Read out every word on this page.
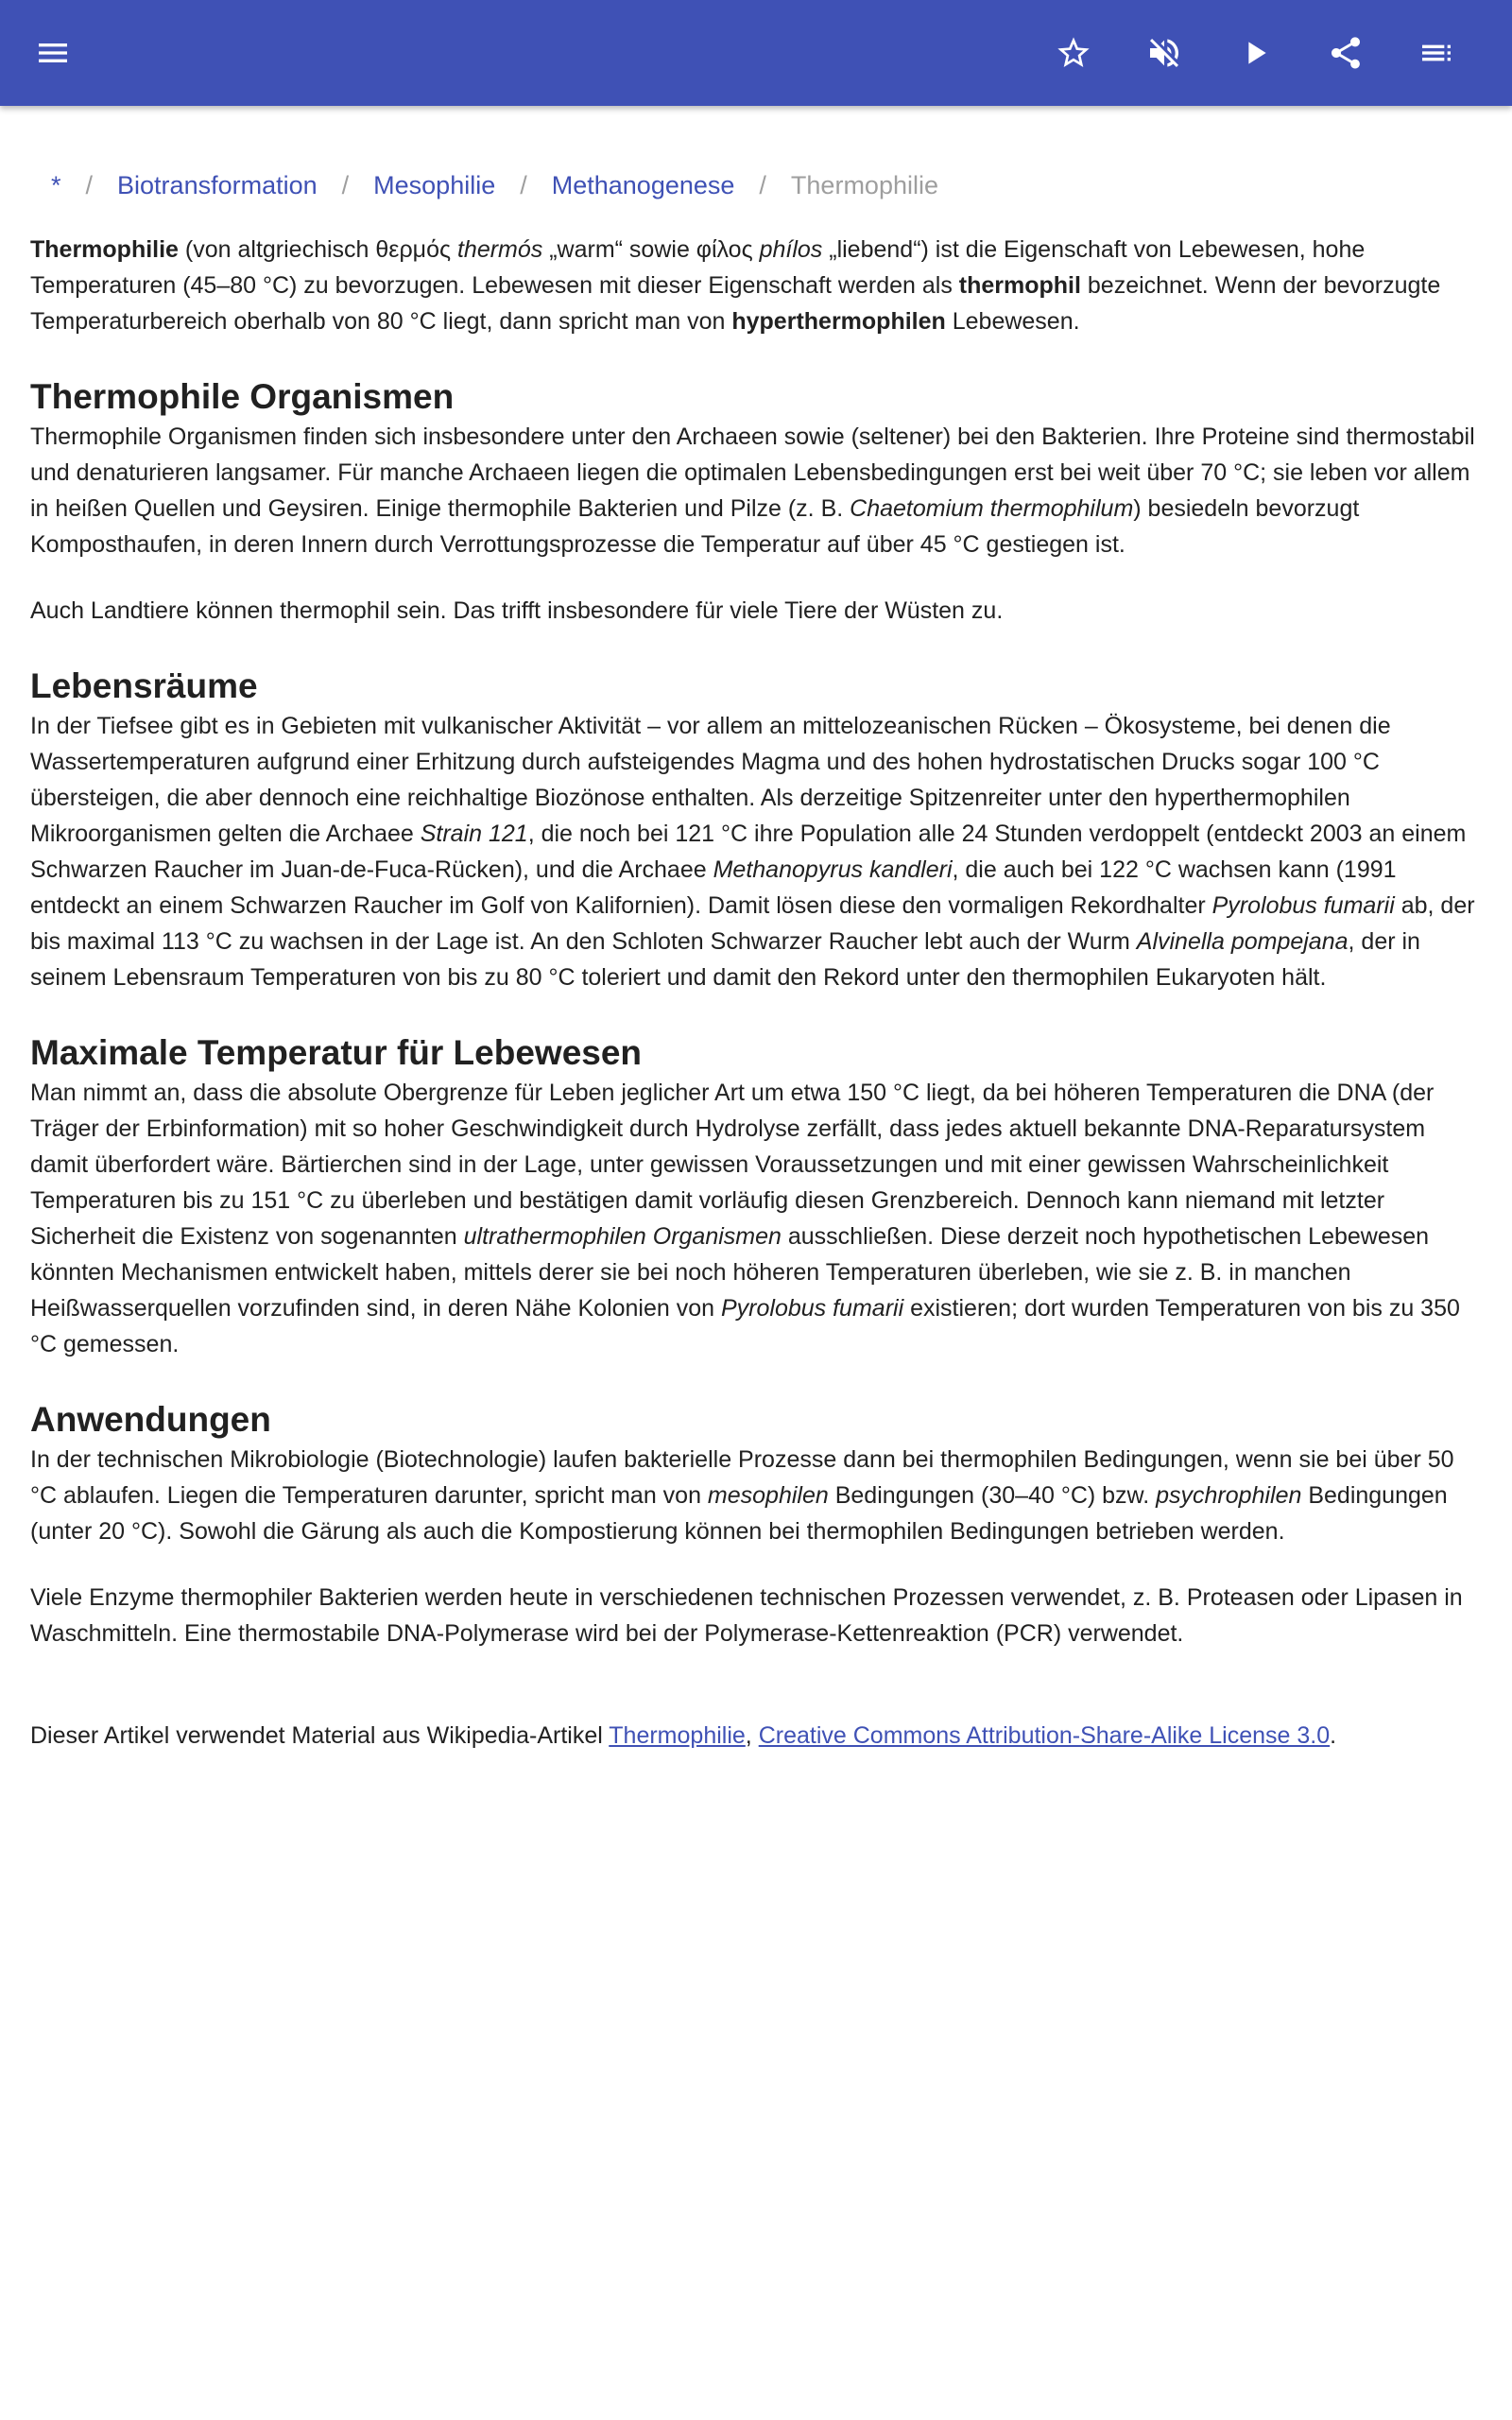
* / Biotransformation / Mesophilie / Methanogenese / Thermophilie

Thermophilie (von altgriechisch θερμός thermós „warm“ sowie φίλος phílos „liebend“) ist die Eigenschaft von Lebewesen, hohe Temperaturen (45–80 °C) zu bevorzugen. Lebewesen mit dieser Eigenschaft werden als thermophil bezeichnet. Wenn der bevorzugte Temperaturbereich oberhalb von 80 °C liegt, dann spricht man von hyperthermophilen Lebewesen.

Thermophile Organismen

Thermophile Organismen finden sich insbesondere unter den Archaeen sowie (seltener) bei den Bakterien. Ihre Proteine sind thermostabil und denaturieren langsamer. Für manche Archaeen liegen die optimalen Lebensbedingungen erst bei weit über 70 °C; sie leben vor allem in heißen Quellen und Geysiren. Einige thermophile Bakterien und Pilze (z. B. Chaetomium thermophilum) besiedeln bevorzugt Komposthaufen, in deren Innern durch Verrottungsprozesse die Temperatur auf über 45 °C gestiegen ist.

Auch Landtiere können thermophil sein. Das trifft insbesondere für viele Tiere der Wüsten zu.

Lebensräume

In der Tiefsee gibt es in Gebieten mit vulkanischer Aktivität – vor allem an mittelozeanischen Rücken – Ökosysteme, bei denen die Wassertemperaturen aufgrund einer Erhitzung durch aufsteigendes Magma und des hohen hydrostatischen Drucks sogar 100 °C übersteigen, die aber dennoch eine reichhaltige Biozönose enthalten. Als derzeitige Spitzenreiter unter den hyperthermophilen Mikroorganismen gelten die Archaee Strain 121, die noch bei 121 °C ihre Population alle 24 Stunden verdoppelt (entdeckt 2003 an einem Schwarzen Raucher im Juan-de-Fuca-Rücken), und die Archaee Methanopyrus kandleri, die auch bei 122 °C wachsen kann (1991 entdeckt an einem Schwarzen Raucher im Golf von Kalifornien). Damit lösen diese den vormaligen Rekordhalter Pyrolobus fumarii ab, der bis maximal 113 °C zu wachsen in der Lage ist. An den Schloten Schwarzer Raucher lebt auch der Wurm Alvinella pompejana, der in seinem Lebensraum Temperaturen von bis zu 80 °C toleriert und damit den Rekord unter den thermophilen Eukaryoten hält.

Maximale Temperatur für Lebewesen

Man nimmt an, dass die absolute Obergrenze für Leben jeglicher Art um etwa 150 °C liegt, da bei höheren Temperaturen die DNA (der Träger der Erbinformation) mit so hoher Geschwindigkeit durch Hydrolyse zerfällt, dass jedes aktuell bekannte DNA-Reparatursystem damit überfordert wäre. Bärtierchen sind in der Lage, unter gewissen Voraussetzungen und mit einer gewissen Wahrscheinlichkeit Temperaturen bis zu 151 °C zu überleben und bestätigen damit vorläufig diesen Grenzbereich. Dennoch kann niemand mit letzter Sicherheit die Existenz von sogenannten ultrathermophilen Organismen ausschließen. Diese derzeit noch hypothetischen Lebewesen könnten Mechanismen entwickelt haben, mittels derer sie bei noch höheren Temperaturen überleben, wie sie z. B. in manchen Heißwasserquellen vorzufinden sind, in deren Nähe Kolonien von Pyrolobus fumarii existieren; dort wurden Temperaturen von bis zu 350 °C gemessen.

Anwendungen

In der technischen Mikrobiologie (Biotechnologie) laufen bakterielle Prozesse dann bei thermophilen Bedingungen, wenn sie bei über 50 °C ablaufen. Liegen die Temperaturen darunter, spricht man von mesophilen Bedingungen (30–40 °C) bzw. psychrophilen Bedingungen (unter 20 °C). Sowohl die Gärung als auch die Kompostierung können bei thermophilen Bedingungen betrieben werden.

Viele Enzyme thermophiler Bakterien werden heute in verschiedenen technischen Prozessen verwendet, z. B. Proteasen oder Lipasen in Waschmitteln. Eine thermostabile DNA-Polymerase wird bei der Polymerase-Kettenreaktion (PCR) verwendet.

Dieser Artikel verwendet Material aus Wikipedia-Artikel Thermophilie, Creative Commons Attribution-Share-Alike License 3.0.
